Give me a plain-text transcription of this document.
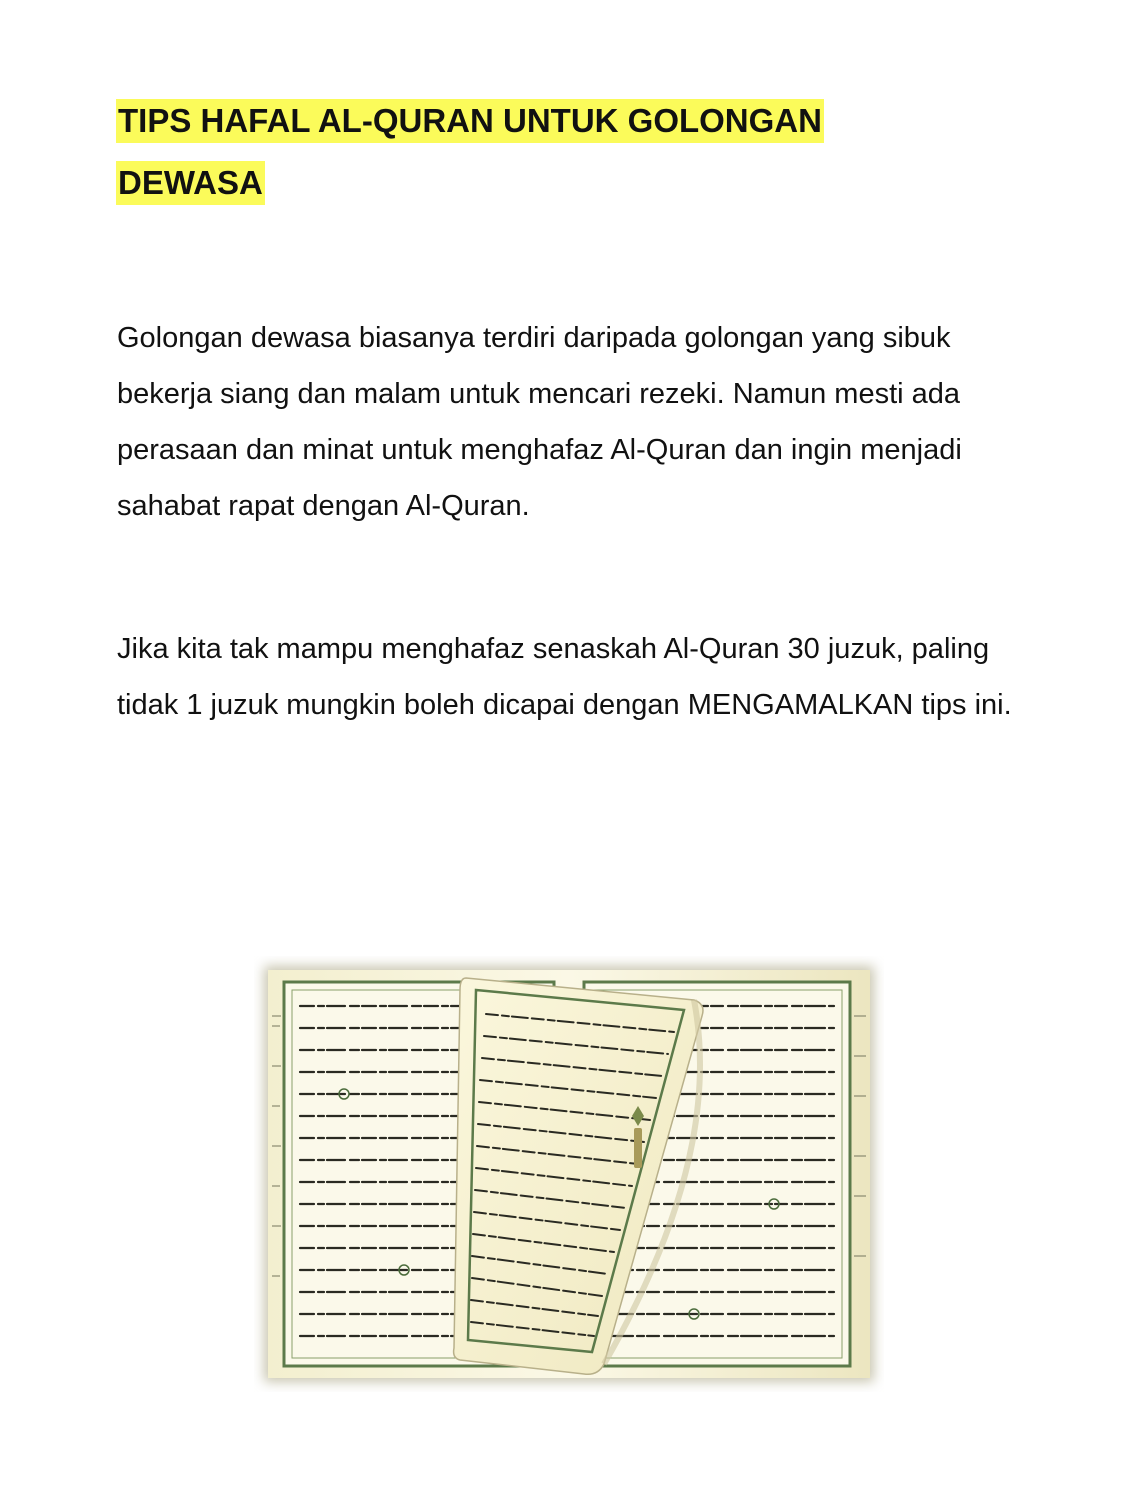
TIPS HAFAL AL-QURAN UNTUK GOLONGAN
DEWASA

Golongan dewasa biasanya terdiri daripada golongan yang sibuk bekerja siang dan malam untuk mencari rezeki. Namun mesti ada perasaan dan minat untuk menghafaz Al-Quran dan ingin menjadi sahabat rapat dengan Al-Quran.

Jika kita tak mampu menghafaz senaskah Al-Quran 30 juzuk, paling tidak 1 juzuk mungkin boleh dicapai dengan MENGAMALKAN tips ini.
